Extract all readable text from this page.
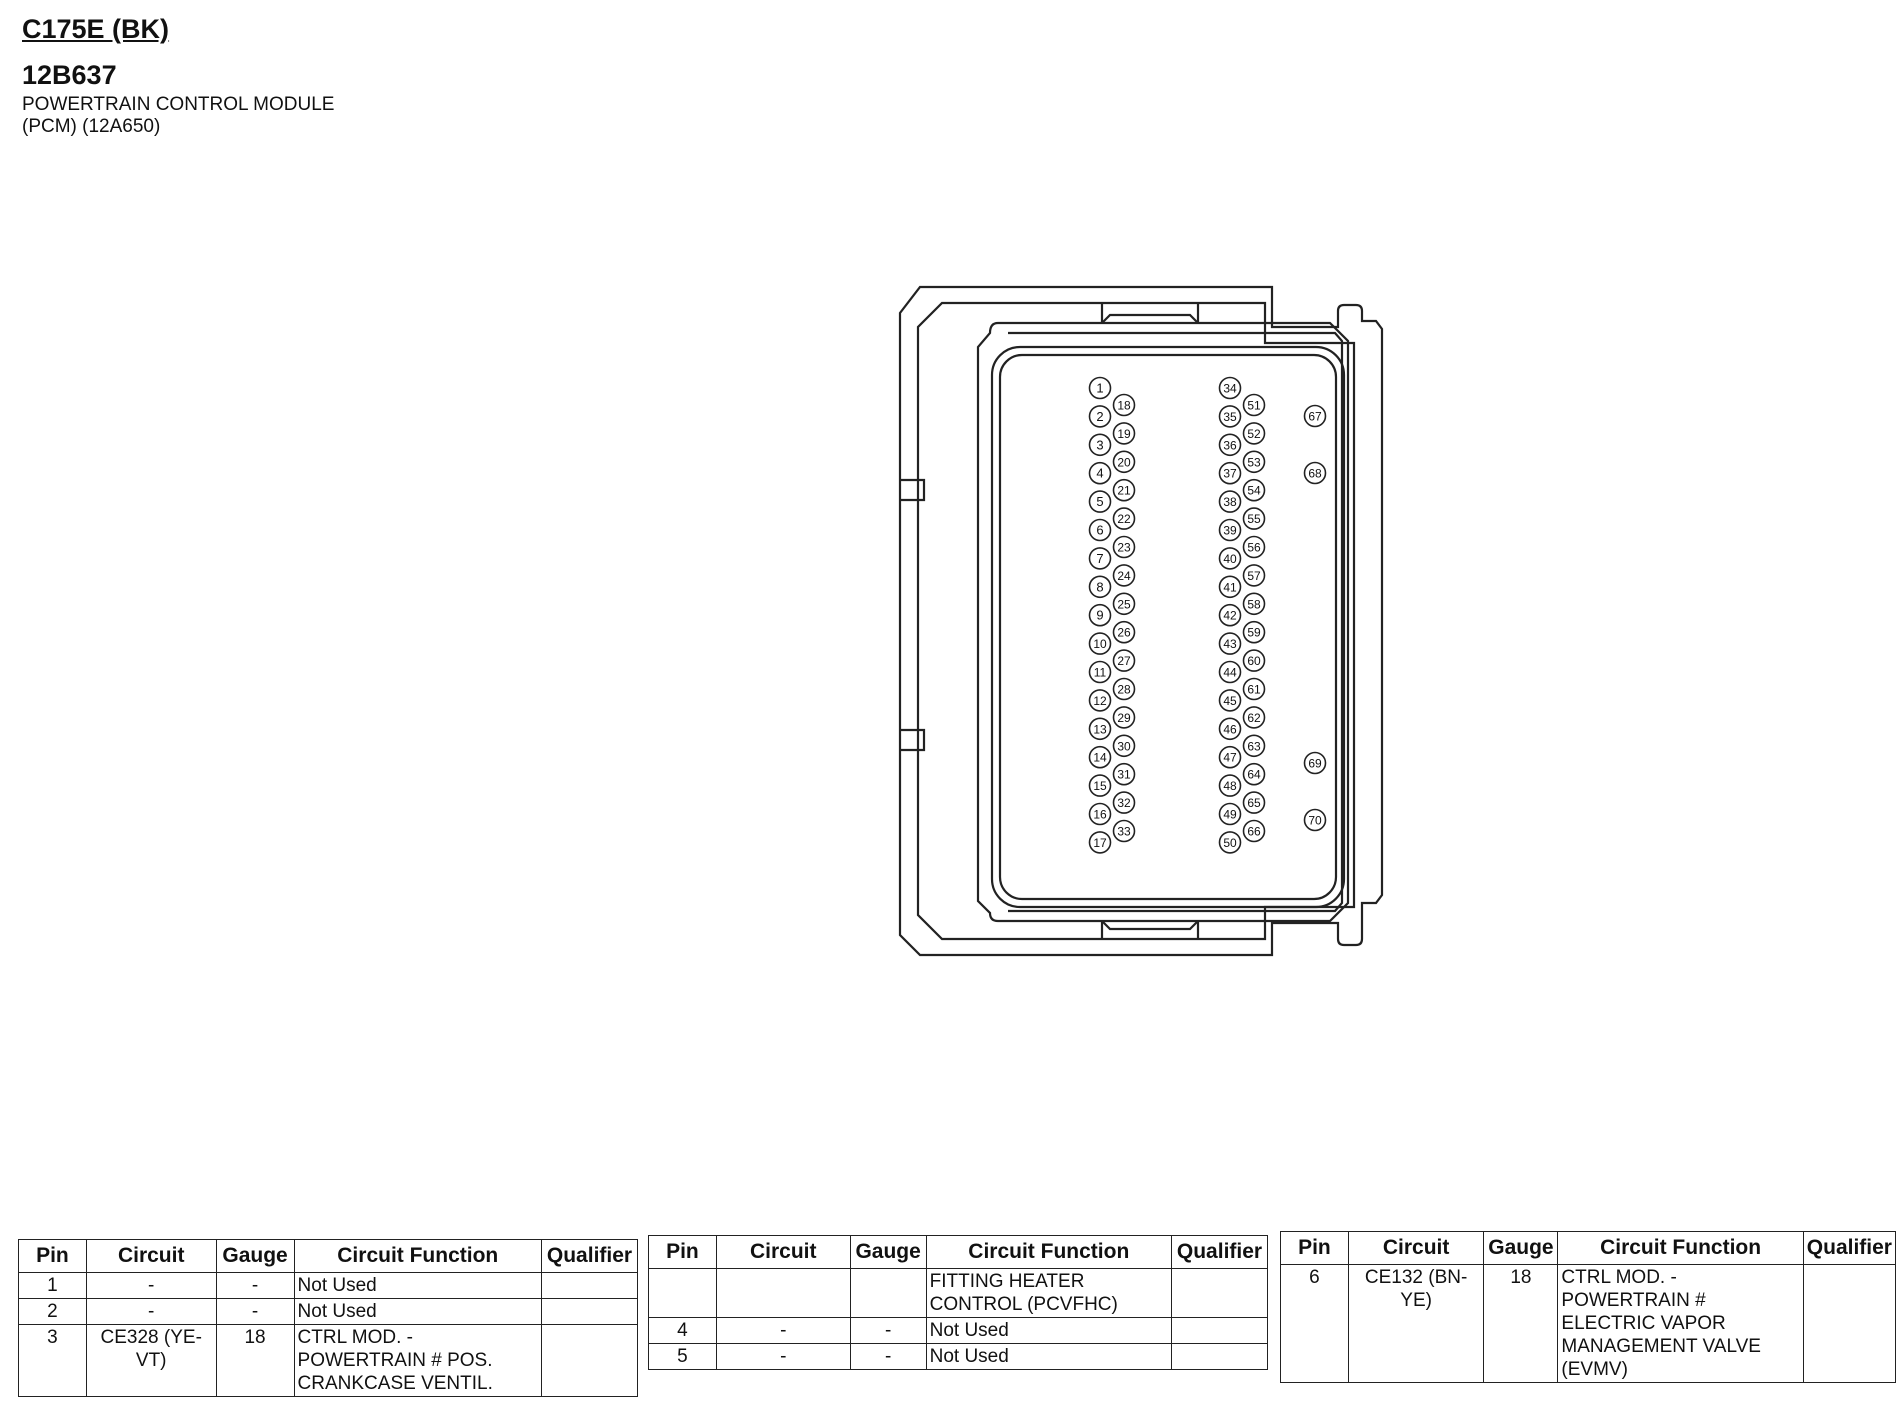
C175E (BK)
12B637
POWERTRAIN CONTROL MODULE
(PCM) (12A650)
1
2
3
4
5
6
7
8
9
10
11
12
13
14
15
16
17
18
19
20
21
22
23
24
25
26
27
28
29
30
31
32
33
34
35
36
37
38
39
40
41
42
43
44
45
46
47
48
49
50
51
52
53
54
55
56
57
58
59
60
61
62
63
64
65
66
67
68
69
70
Pin	Circuit	Gauge	Circuit Function	Qualifier
1	-	-	Not Used	
2	-	-	Not Used	
3	CE328 (YE-VT)	18	CTRL MOD. - POWERTRAIN # POS. CRANKCASE VENTIL.	
Pin	Circuit	Gauge	Circuit Function	Qualifier
			FITTING HEATER CONTROL (PCVFHC)	
4	-	-	Not Used	
5	-	-	Not Used	
Pin	Circuit	Gauge	Circuit Function	Qualifier
6	CE132 (BN-YE)	18	CTRL MOD. - POWERTRAIN # ELECTRIC VAPOR MANAGEMENT VALVE (EVMV)	
